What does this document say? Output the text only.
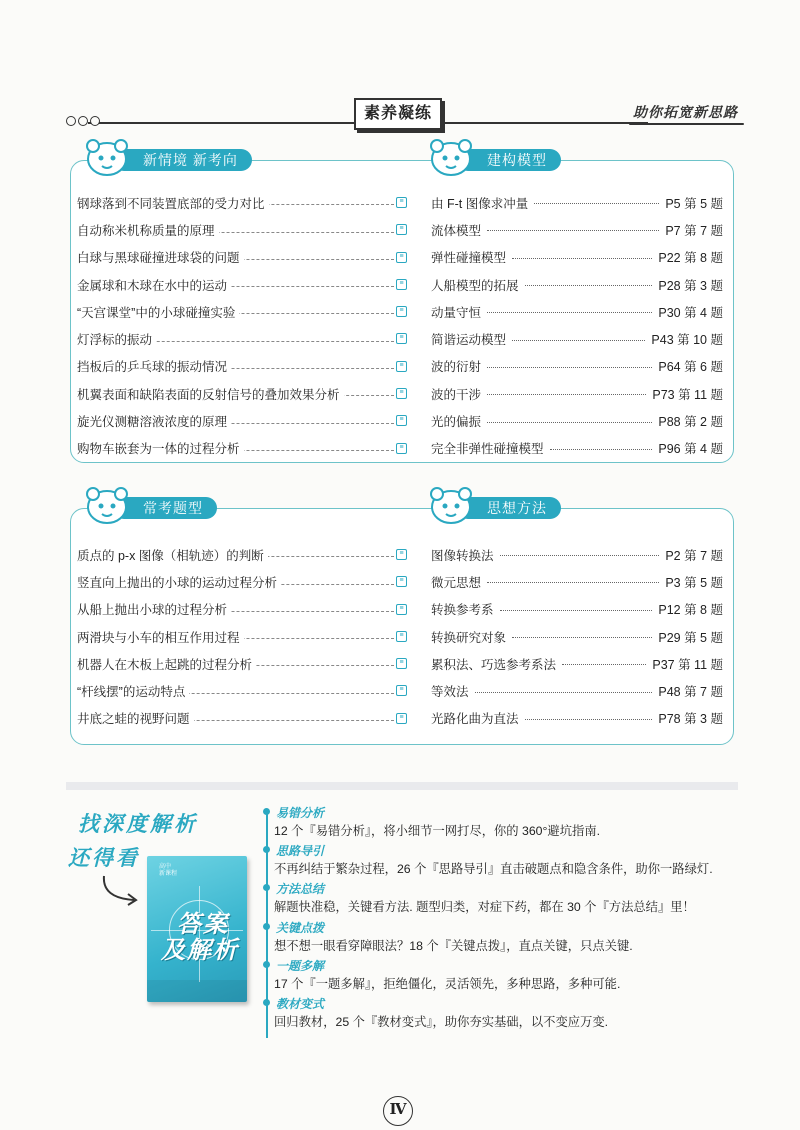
素养凝练	助你拓宽新思路
新情境 新考向	建构模型
钢球落到不同装置底部的受力对比	≡ 由 F-t 图像求冲量	P5 第 5 题
自动称米机称质量的原理	≡ 流体模型	P7 第 7 题
白球与黑球碰撞进球袋的问题	≡ 弹性碰撞模型	P22 第 8 题
金属球和木球在水中的运动	≡ 人船模型的拓展	P28 第 3 题
“天宫课堂”中的小球碰撞实验	≡ 动量守恒	P30 第 4 题
灯浮标的振动	≡ 简谐运动模型	P43 第 10 题
挡板后的乒乓球的振动情况	≡ 波的衍射	P64 第 6 题
机翼表面和缺陷表面的反射信号的叠加效果分析	≡ 波的干涉	P73 第 11 题
旋光仪测糖溶液浓度的原理	≡ 光的偏振	P88 第 2 题
购物车嵌套为一体的过程分析	≡ 完全非弹性碰撞模型	P96 第 4 题
常考题型	思想方法
质点的 p-x 图像（相轨迹）的判断	≡ 图像转换法	P2 第 7 题
竖直向上抛出的小球的运动过程分析	≡ 微元思想	P3 第 5 题
从船上抛出小球的过程分析	≡ 转换参考系	P12 第 8 题
两滑块与小车的相互作用过程	≡ 转换研究对象	P29 第 5 题
机器人在木板上起跳的过程分析	≡ 累积法、巧选参考系法	P37 第 11 题
“杆线摆”的运动特点	≡ 等效法	P48 第 7 题
井底之蛙的视野问题	≡ 光路化曲为直法	P78 第 3 题
找深度解析
还得看	高中
新课程
答案
及解析
易错分析
12 个『易错分析』，将小细节一网打尽，你的 360°避坑指南.
思路导引
不再纠结于繁杂过程，26 个『思路导引』直击破题点和隐含条件，助你一路绿灯.
方法总结
解题快准稳，关键看方法. 题型归类，对症下药，都在 30 个『方法总结』里！
关键点拨
想不想一眼看穿障眼法？18 个『关键点拨』，直点关键，只点关键.
一题多解
17 个『一题多解』，拒绝僵化，灵活领先，多种思路，多种可能.
教材变式
回归教材，25 个『教材变式』，助你夯实基础，以不变应万变.
Ⅳ
